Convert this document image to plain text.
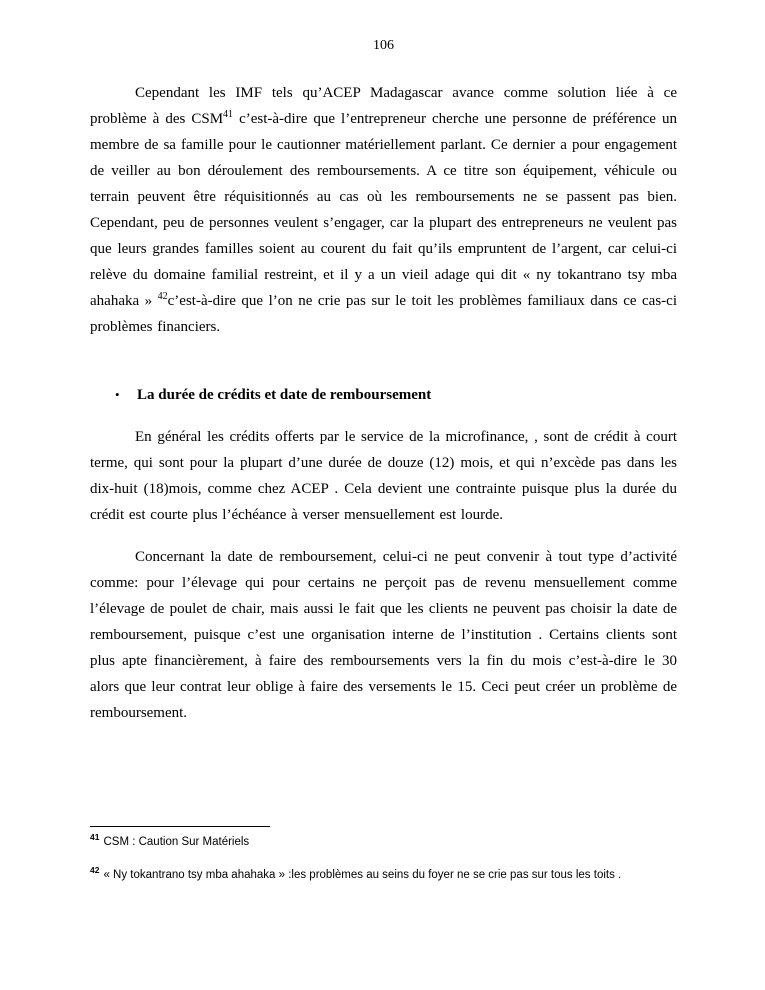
106

Cependant les IMF tels qu’ACEP Madagascar avance comme solution liée à ce problème à des CSM$^{41}$ c’est-à-dire que l’entrepreneur cherche une personne de préférence un membre de sa famille pour le cautionner matériellement parlant. Ce dernier a pour engagement de veiller au bon déroulement des remboursements. A ce titre son équipement, véhicule ou terrain peuvent être réquisitionnés au cas où les remboursements ne se passent pas bien. Cependant, peu de personnes veulent s’engager, car la plupart des entrepreneurs ne veulent pas que leurs grandes familles soient au courent du fait qu’ils empruntent de l’argent, car celui-ci relève du domaine familial restreint, et il y a un vieil adage qui dit « ny tokantrano tsy mba ahahaka » $^{42}$c’est-à-dire que l’on ne crie pas sur le toit les problèmes familiaux dans ce cas-ci problèmes financiers.

•	La durée de crédits et date de remboursement

En général les crédits offerts par le service de la microfinance, , sont de crédit à court terme, qui sont pour la plupart d’une durée de douze (12) mois, et qui n’excède pas dans les dix-huit (18)mois, comme chez ACEP . Cela devient une contrainte puisque plus la durée du crédit est courte plus l’échéance à verser mensuellement est lourde.

Concernant la date de remboursement, celui-ci ne peut convenir à tout type d’activité comme: pour l’élevage qui pour certains ne perçoit pas de revenu mensuellement comme l’élevage de poulet de chair, mais aussi le fait que les clients ne peuvent pas choisir la date de remboursement, puisque c’est une organisation interne de l’institution . Certains clients sont plus apte financièrement, à faire des remboursements vers la fin du mois c’est-à-dire le 30 alors que leur contrat leur oblige à faire des versements le 15. Ceci peut créer un problème de remboursement.

$^{41}$ CSM : Caution Sur Matériels

$^{42}$ « Ny tokantrano tsy mba ahahaka » :les problèmes au seins du foyer ne se crie pas sur tous les toits .
